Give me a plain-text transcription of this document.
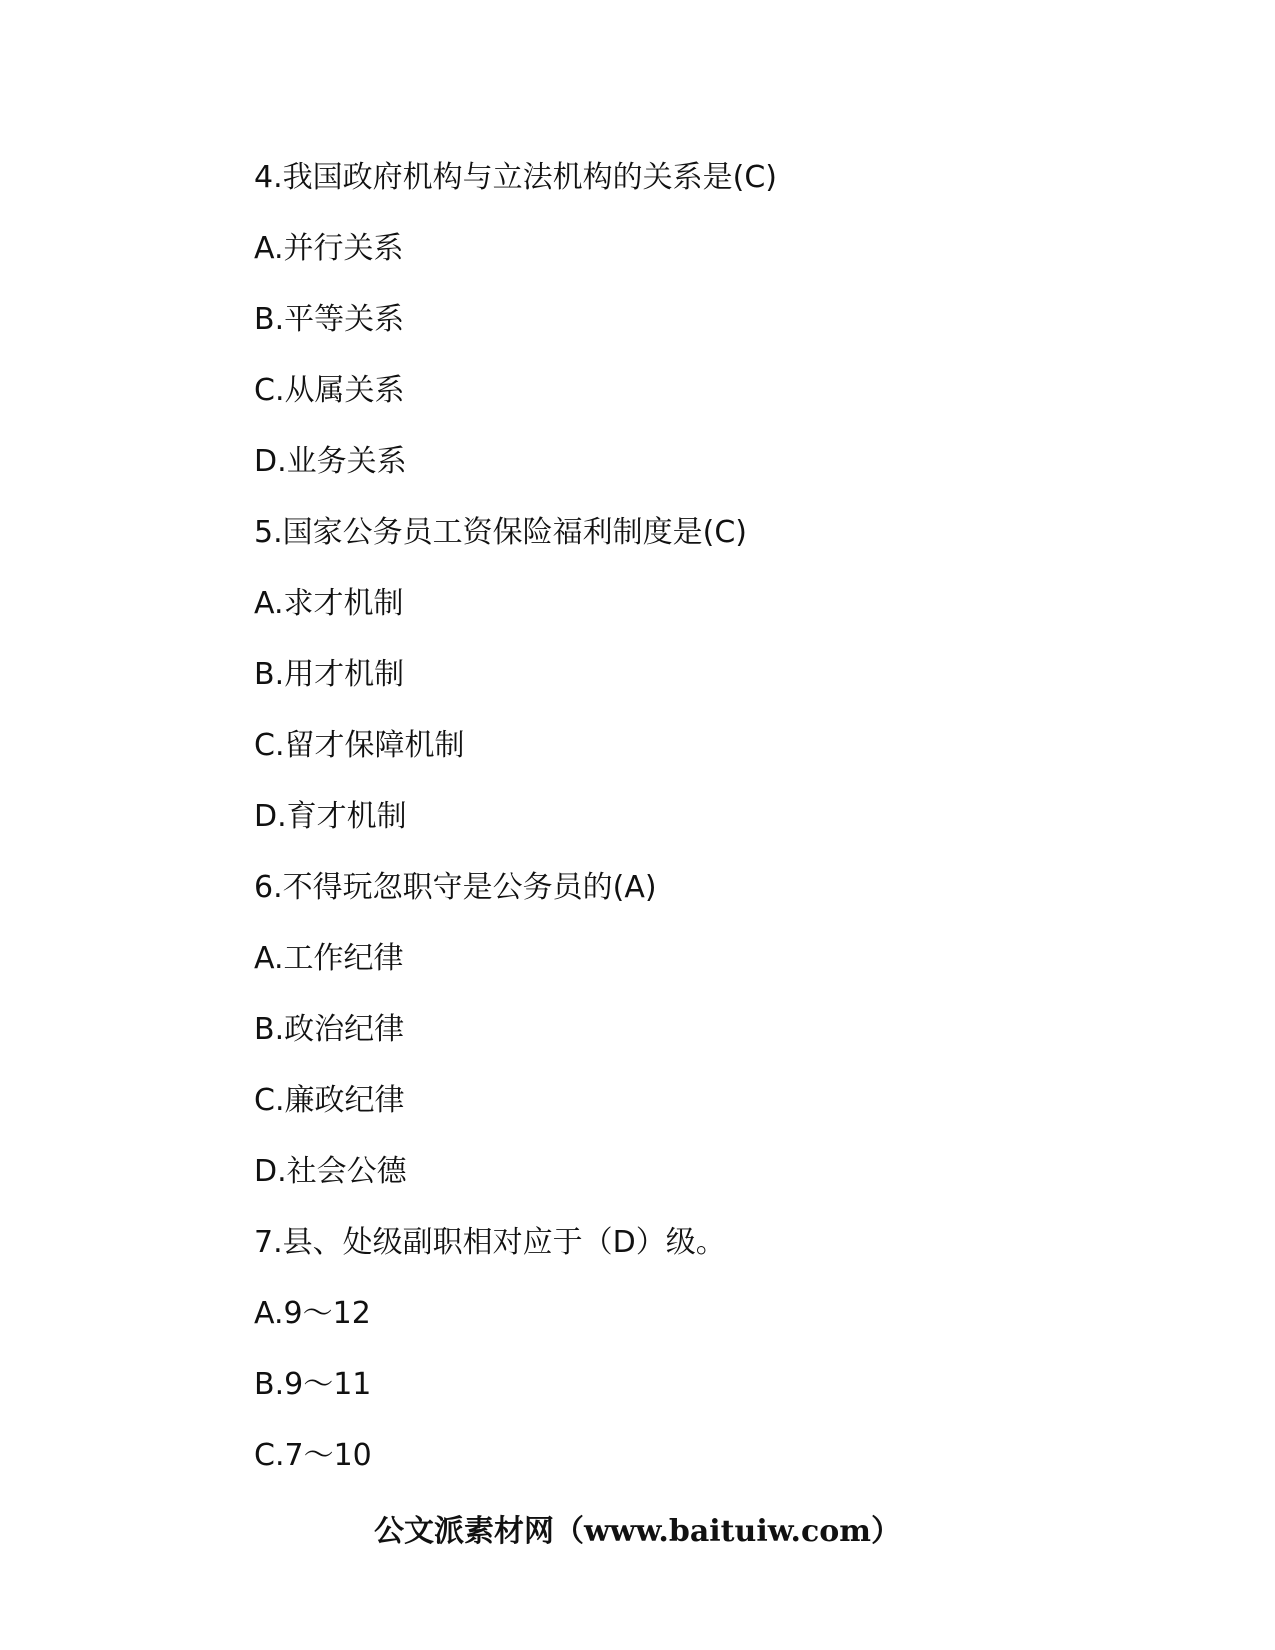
4.我国政府机构与立法机构的关系是(C)
A.并行关系
B.平等关系
C.从属关系
D.业务关系
5.国家公务员工资保险福利制度是(C)
A.求才机制
B.用才机制
C.留才保障机制
D.育才机制
6.不得玩忽职守是公务员的(A)
A.工作纪律
B.政治纪律
C.廉政纪律
D.社会公德
7.县、处级副职相对应于（D）级。
A.9～12
B.9～11
C.7～10
公文派素材网（www.baituiw.com）
